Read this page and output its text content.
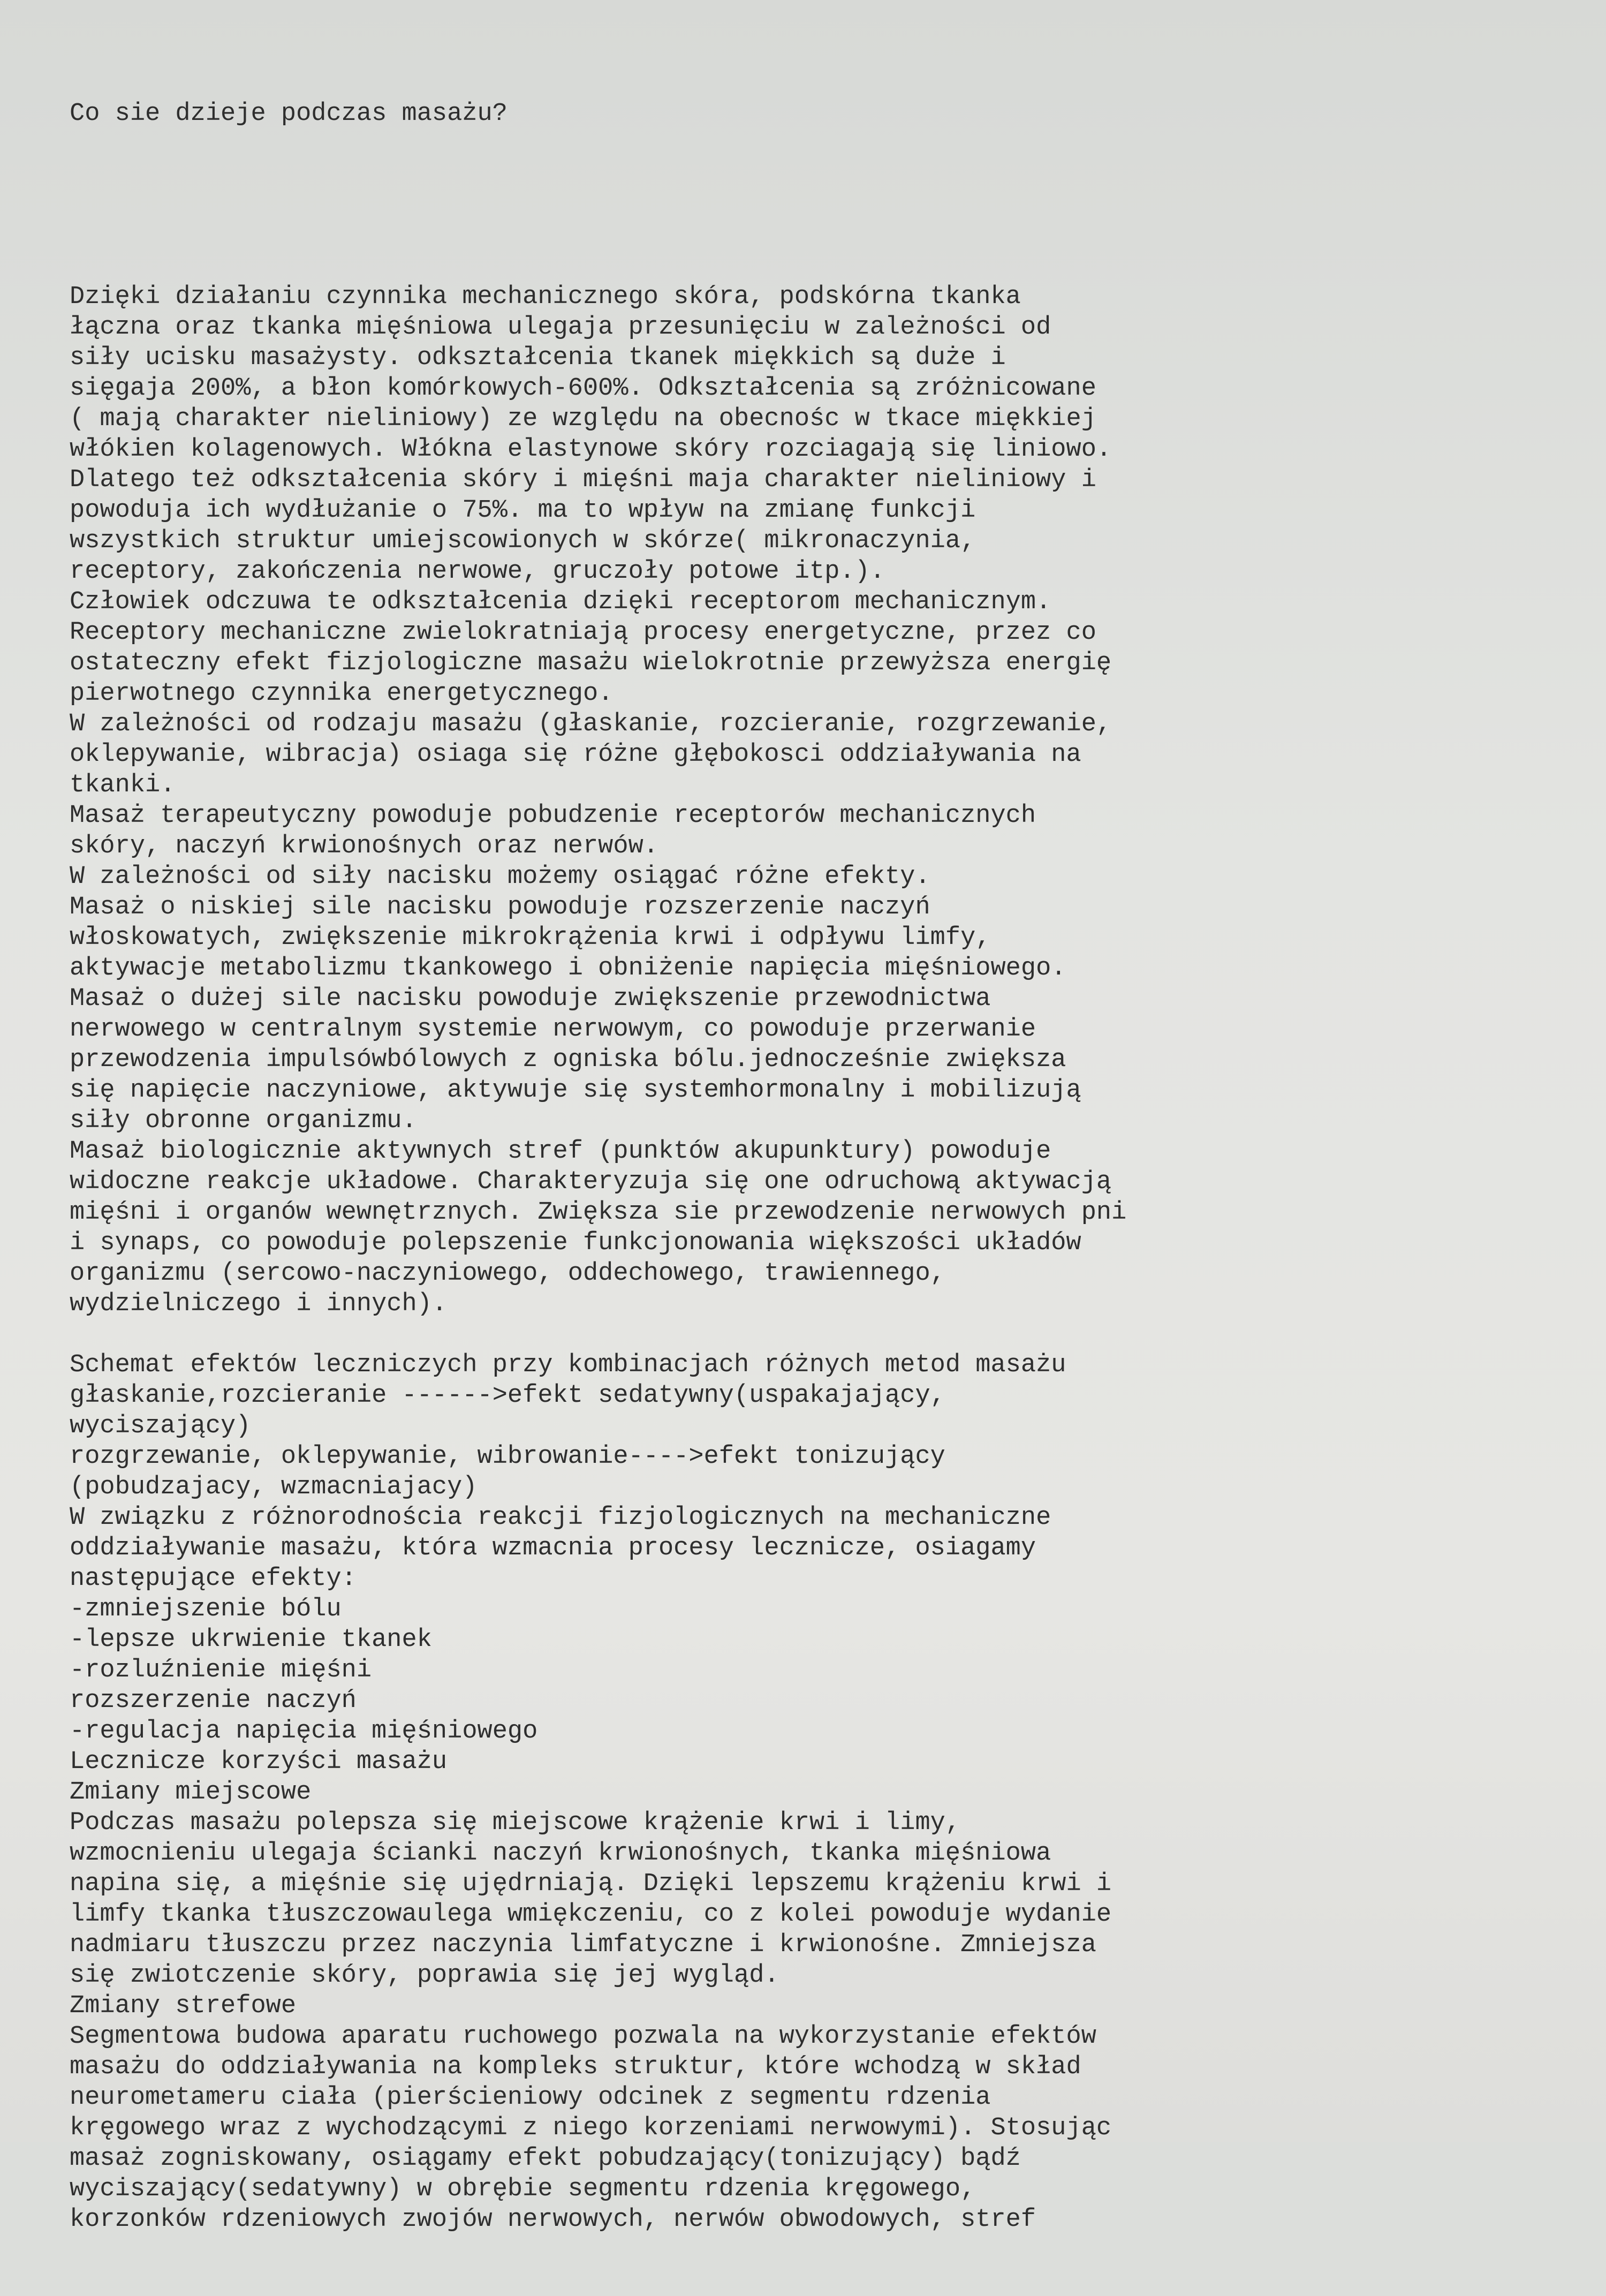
Co sie dzieje podczas masażu?

Dzięki działaniu czynnika mechanicznego skóra, podskórna tkanka
łączna oraz tkanka mięśniowa ulegaja przesunięciu w zależności od
siły ucisku masażysty. odkształcenia tkanek miękkich są duże i
sięgaja 200%, a błon komórkowych-600%. Odkształcenia są zróżnicowane
( mają charakter nieliniowy) ze względu na obecnośc w tkace miękkiej
włókien kolagenowych. Włókna elastynowe skóry rozciagają się liniowo.
Dlatego też odkształcenia skóry i mięśni maja charakter nieliniowy i
powoduja ich wydłużanie o 75%. ma to wpływ na zmianę funkcji
wszystkich struktur umiejscowionych w skórze( mikronaczynia,
receptory, zakończenia nerwowe, gruczoły potowe itp.).
Człowiek odczuwa te odkształcenia dzięki receptorom mechanicznym.
Receptory mechaniczne zwielokratniają procesy energetyczne, przez co
ostateczny efekt fizjologiczne masażu wielokrotnie przewyższa energię
pierwotnego czynnika energetycznego.
W zależności od rodzaju masażu (głaskanie, rozcieranie, rozgrzewanie,
oklepywanie, wibracja) osiaga się różne głębokosci oddziaływania na
tkanki.
Masaż terapeutyczny powoduje pobudzenie receptorów mechanicznych
skóry, naczyń krwionośnych oraz nerwów.
W zależności od siły nacisku możemy osiągać różne efekty.
Masaż o niskiej sile nacisku powoduje rozszerzenie naczyń
włoskowatych, zwiększenie mikrokrążenia krwi i odpływu limfy,
aktywacje metabolizmu tkankowego i obniżenie napięcia mięśniowego.
Masaż o dużej sile nacisku powoduje zwiększenie przewodnictwa
nerwowego w centralnym systemie nerwowym, co powoduje przerwanie
przewodzenia impulsówbólowych z ogniska bólu.jednocześnie zwiększa
się napięcie naczyniowe, aktywuje się systemhormonalny i mobilizują
siły obronne organizmu.
Masaż biologicznie aktywnych stref (punktów akupunktury) powoduje
widoczne reakcje układowe. Charakteryzuja się one odruchową aktywacją
mięśni i organów wewnętrznych. Zwiększa sie przewodzenie nerwowych pni
i synaps, co powoduje polepszenie funkcjonowania większości układów
organizmu (sercowo-naczyniowego, oddechowego, trawiennego,
wydzielniczego i innych).
Schemat efektów leczniczych przy kombinacjach różnych metod masażu
głaskanie,rozcieranie ------>efekt sedatywny(uspakajający,
wyciszający)
rozgrzewanie, oklepywanie, wibrowanie---->efekt tonizujący
(pobudzajacy, wzmacniajacy)
W związku z różnorodnościa reakcji fizjologicznych na mechaniczne
oddziaływanie masażu, która wzmacnia procesy lecznicze, osiagamy
następujące efekty:
-zmniejszenie bólu
-lepsze ukrwienie tkanek
-rozluźnienie mięśni
rozszerzenie naczyń
-regulacja napięcia mięśniowego
Lecznicze korzyści masażu
Zmiany miejscowe
Podczas masażu polepsza się miejscowe krążenie krwi i limy,
wzmocnieniu ulegaja ścianki naczyń krwionośnych, tkanka mięśniowa
napina się, a mięśnie się ujędrniają. Dzięki lepszemu krążeniu krwi i
limfy tkanka tłuszczowaulega wmiękczeniu, co z kolei powoduje wydanie
nadmiaru tłuszczu przez naczynia limfatyczne i krwionośne. Zmniejsza
się zwiotczenie skóry, poprawia się jej wygląd.
Zmiany strefowe
Segmentowa budowa aparatu ruchowego pozwala na wykorzystanie efektów
masażu do oddziaływania na kompleks struktur, które wchodzą w skład
neurometameru ciała (pierścieniowy odcinek z segmentu rdzenia
kręgowego wraz z wychodzącymi z niego korzeniami nerwowymi). Stosując
masaż zogniskowany, osiągamy efekt pobudzający(tonizujący) bądź
wyciszający(sedatywny) w obrębie segmentu rdzenia kręgowego,
korzonków rdzeniowych zwojów nerwowych, nerwów obwodowych, stref
